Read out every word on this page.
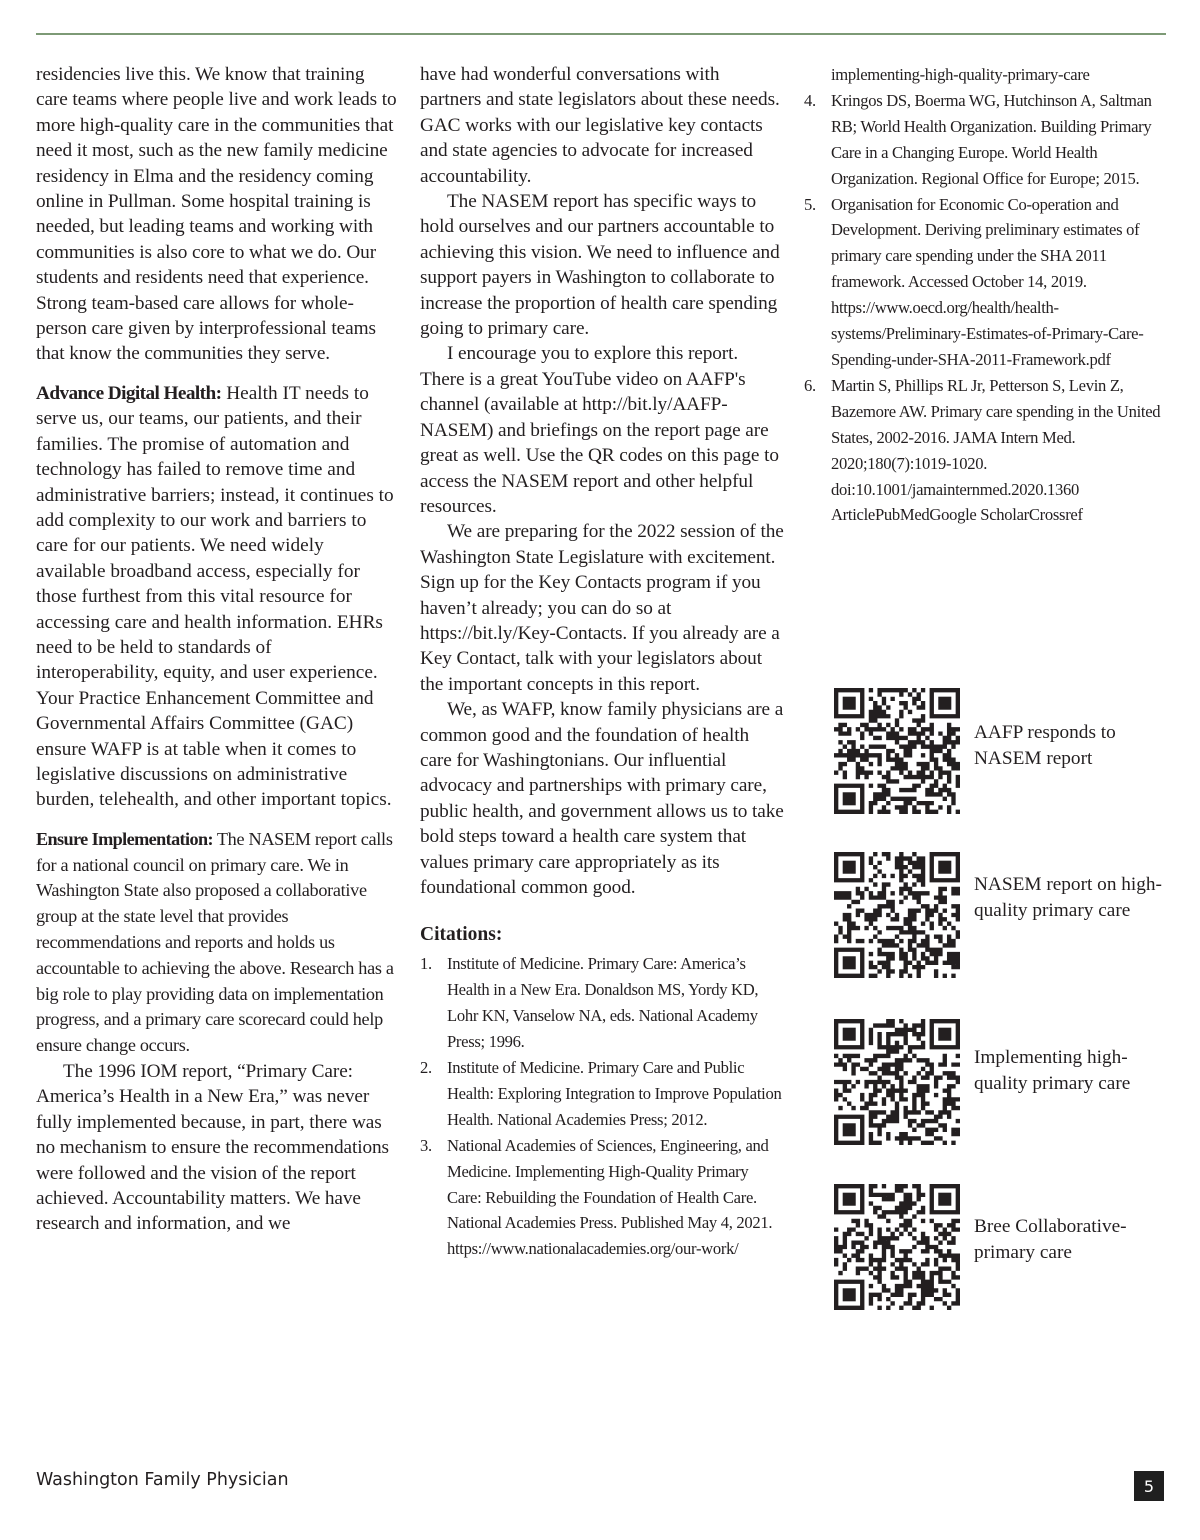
residencies live this. We know that training care teams where people live and work leads to more high-quality care in the communities that need it most, such as the new family medicine residency in Elma and the residency coming online in Pullman. Some hospital training is needed, but leading teams and working with communities is also core to what we do. Our students and residents need that experience. Strong team-based care allows for whole-person care given by interprofessional teams that know the communities they serve.

Advance Digital Health: Health IT needs to serve us, our teams, our patients, and their families. The promise of automation and technology has failed to remove time and administrative barriers; instead, it continues to add complexity to our work and barriers to care for our patients. We need widely available broadband access, especially for those furthest from this vital resource for accessing care and health information. EHRs need to be held to standards of interoperability, equity, and user experience. Your Practice Enhancement Committee and Governmental Affairs Committee (GAC) ensure WAFP is at table when it comes to legislative discussions on administrative burden, telehealth, and other important topics.

Ensure Implementation: The NASEM report calls for a national council on primary care. We in Washington State also proposed a collaborative group at the state level that provides recommendations and reports and holds us accountable to achieving the above. Research has a big role to play providing data on implementation progress, and a primary care scorecard could help ensure change occurs.

The 1996 IOM report, “Primary Care: America’s Health in a New Era,” was never fully implemented because, in part, there was no mechanism to ensure the recommendations were followed and the vision of the report achieved. Accountability matters. We have research and information, and we

have had wonderful conversations with partners and state legislators about these needs. GAC works with our legislative key contacts and state agencies to advocate for increased accountability.

The NASEM report has specific ways to hold ourselves and our partners accountable to achieving this vision. We need to influence and support payers in Washington to collaborate to increase the proportion of health care spending going to primary care.

I encourage you to explore this report. There is a great YouTube video on AAFP's channel (available at http://bit.ly/AAFP-NASEM) and briefings on the report page are great as well. Use the QR codes on this page to access the NASEM report and other helpful resources.

We are preparing for the 2022 session of the Washington State Legislature with excitement. Sign up for the Key Contacts program if you haven’t already; you can do so at https://bit.ly/Key-Contacts. If you already are a Key Contact, talk with your legislators about the important concepts in this report.

We, as WAFP, know family physicians are a common good and the foundation of health care for Washingtonians. Our influential advocacy and partnerships with primary care, public health, and government allows us to take bold steps toward a health care system that values primary care appropriately as its foundational common good.

Citations:
1. Institute of Medicine. Primary Care: America’s Health in a New Era. Donaldson MS, Yordy KD, Lohr KN, Vanselow NA, eds. National Academy Press; 1996.
2. Institute of Medicine. Primary Care and Public Health: Exploring Integration to Improve Population Health. National Academies Press; 2012.
3. National Academies of Sciences, Engineering, and Medicine. Implementing High-Quality Primary Care: Rebuilding the Foundation of Health Care. National Academies Press. Published May 4, 2021. https://www.nationalacademies.org/our-work/
implementing-high-quality-primary-care
4. Kringos DS, Boerma WG, Hutchinson A, Saltman RB; World Health Organization. Building Primary Care in a Changing Europe. World Health Organization. Regional Office for Europe; 2015.
5. Organisation for Economic Co-operation and Development. Deriving preliminary estimates of primary care spending under the SHA 2011 framework. Accessed October 14, 2019. https://www.oecd.org/health/health-systems/Preliminary-Estimates-of-Primary-Care-Spending-under-SHA-2011-Framework.pdf
6. Martin S, Phillips RL Jr, Petterson S, Levin Z, Bazemore AW. Primary care spending in the United States, 2002-2016. JAMA Intern Med. 2020;180(7):1019-1020. doi:10.1001/jamainternmed.2020.1360 ArticlePubMedGoogle ScholarCrossref
AAFP responds to NASEM report
NASEM report on high-quality primary care
Implementing high-quality primary care
Bree Collaborative-primary care
Washington Family Physician	5
